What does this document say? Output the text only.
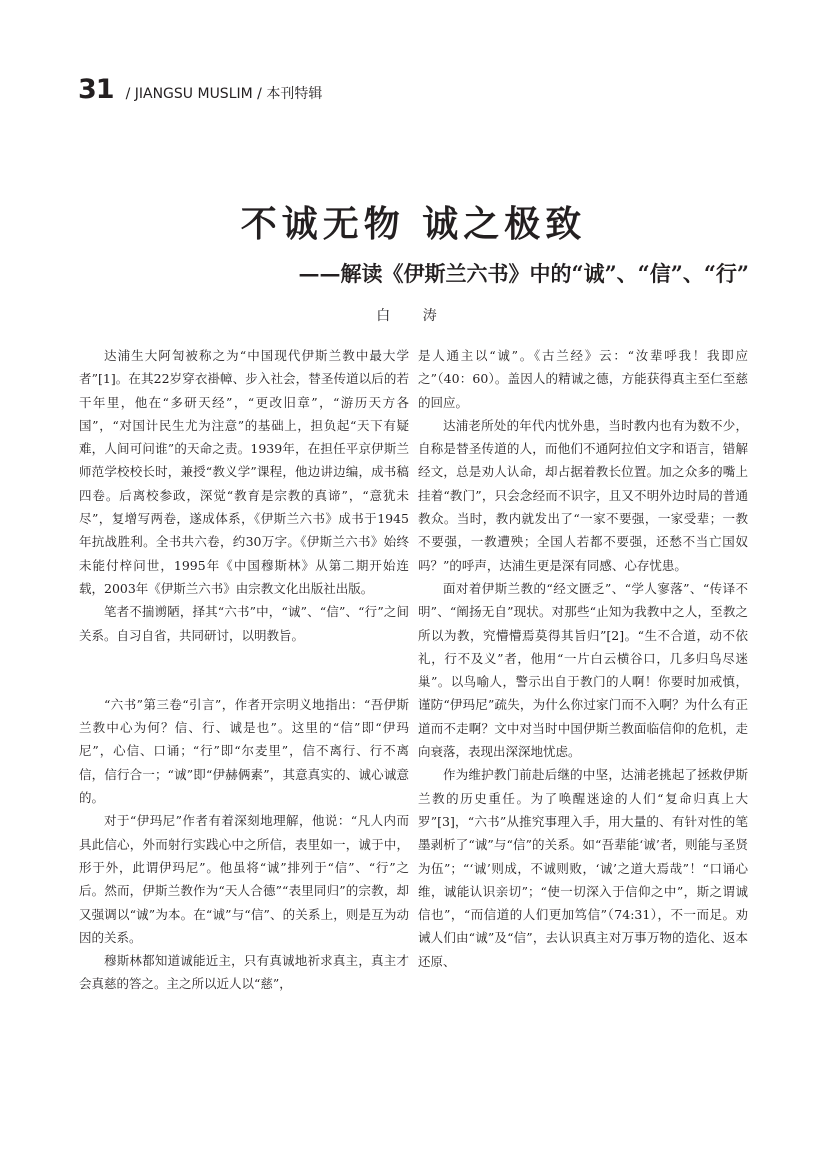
31 / JIANGSU MUSLIM / 本刊特辑
不诚无物 诚之极致
——解读《伊斯兰六书》中的“诚”、“信”、“行”
白 涛

达浦生大阿訇被称之为“中国现代伊斯兰教中最大学者”[1]。在其22岁穿衣褂幛、步入社会，替圣传道以后的若干年里，他在“多研天经”，“更改旧章”，“游历天方各国”，“对国计民生尤为注意”的基础上，担负起“天下有疑难，人间可问谁”的天命之责。1939年，在担任平京伊斯兰师范学校校长时，兼授“教义学”课程，他边讲边编，成书稿四卷。后离校参政，深觉“教育是宗教的真谛”，“意犹未尽”，复增写两卷，遂成体系，《伊斯兰六书》成书于1945年抗战胜利。全书共六卷，约30万字。《伊斯兰六书》始终未能付梓问世，1995年《中国穆斯林》从第二期开始连载，2003年《伊斯兰六书》由宗教文化出版社出版。

笔者不揣谫陋，择其“六书”中，“诚”、“信”、“行”之间关系。自习自省，共同研讨，以明教旨。

“六书”第三卷“引言”，作者开宗明义地指出：“吾伊斯兰教中心为何？信、行、诚是也”。这里的“信”即“伊玛尼”，心信、口诵；“行”即“尔麦里”，信不离行、行不离信，信行合一；“诚”即“伊赫俩素”，其意真实的、诚心诚意的。

对于“伊玛尼”作者有着深刻地理解，他说：“凡人内而具此信心，外而射行实践心中之所信，表里如一，诚于中，形于外，此谓伊玛尼”。他虽将“诚”排列于“信”、“行”之后。然而，伊斯兰教作为“天人合德”“表里同归”的宗教，却又强调以“诚”为本。在“诚”与“信”、的关系上，则是互为动因的关系。

穆斯林都知道诚能近主，只有真诚地祈求真主，真主才会真慈的答之。主之所以近人以“慈”，

是人通主以“诚”。《古兰经》云：“汝辈呼我！我即应之”（40：60）。盖因人的精诚之德，方能获得真主至仁至慈的回应。

达浦老所处的年代内忧外患，当时教内也有为数不少，自称是替圣传道的人，而他们不通阿拉伯文字和语言，错解经文，总是劝人认命，却占据着教长位置。加之众多的嘴上挂着“教门”，只会念经而不识字，且又不明外边时局的普通教众。当时，教内就发出了“一家不要强，一家受辈；一教不要强，一教遭殃；全国人若都不要强，还愁不当亡国奴吗？”的呼声，达浦生更是深有同感、心存忧患。

面对着伊斯兰教的“经文匮乏”、“学人寥落”、“传译不明”、“阐扬无自”现状。对那些“止知为我教中之人，至教之所以为教，究懵懵焉莫得其旨归”[2]。“生不合道，动不依礼，行不及义”者，他用“一片白云横谷口，几多归鸟尽迷巢”。以鸟喻人，警示出自于教门的人啊！你要时加戒慎，谨防“伊玛尼”疏失，为什么你过家门而不入啊？为什么有正道而不走啊？文中对当时中国伊斯兰教面临信仰的危机，走向衰落，表现出深深地忧虑。

作为维护教门前赴后继的中坚，达浦老挑起了拯救伊斯兰教的历史重任。为了唤醒迷途的人们“复命归真上大罗”[3]，“六书”从推究事理入手，用大量的、有针对性的笔墨剥析了“诚”与“信”的关系。如“吾辈能‘诚’者，则能与圣贤为伍”；“‘诚’则成，不诚则败，‘诚’之道大焉哉”！“口诵心维，诚能认识亲切”；“使一切深入于信仰之中”，斯之谓诚信也”，“而信道的人们更加笃信”（74:31），不一而足。劝诫人们由“诚”及“信”，去认识真主对万事万物的造化、返本还原、
